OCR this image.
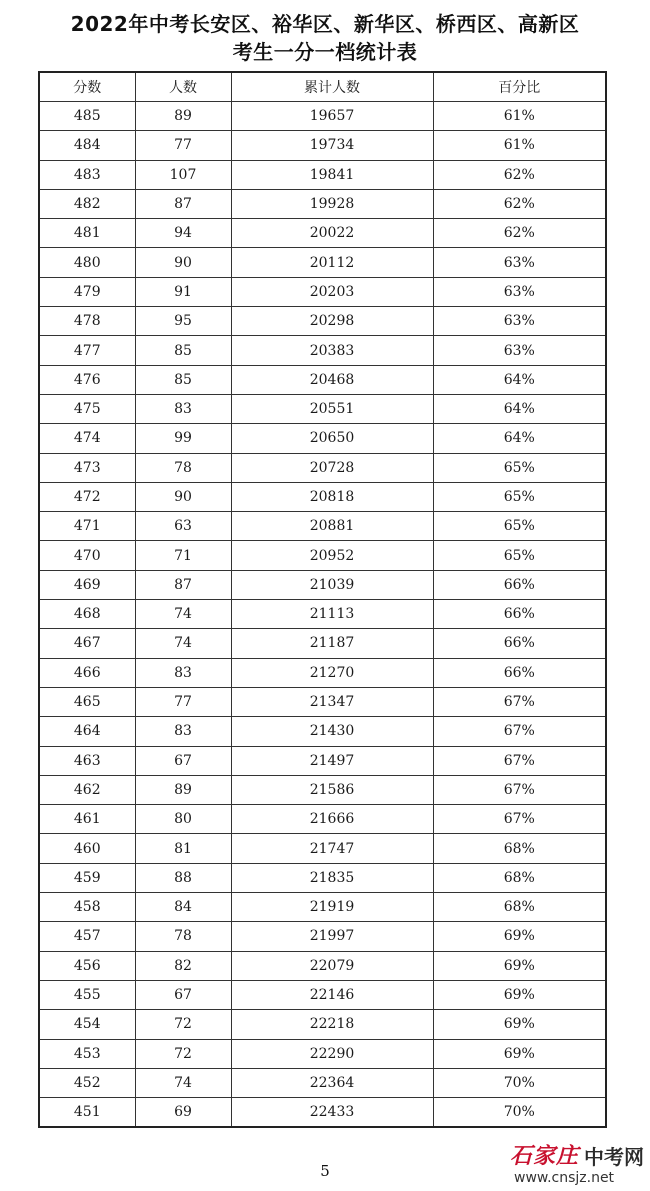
2022年中考长安区、裕华区、新华区、桥西区、高新区
考生一分一档统计表
分数	人数	累计人数	百分比
485	89	19657	61%
484	77	19734	61%
483	107	19841	62%
482	87	19928	62%
481	94	20022	62%
480	90	20112	63%
479	91	20203	63%
478	95	20298	63%
477	85	20383	63%
476	85	20468	64%
475	83	20551	64%
474	99	20650	64%
473	78	20728	65%
472	90	20818	65%
471	63	20881	65%
470	71	20952	65%
469	87	21039	66%
468	74	21113	66%
467	74	21187	66%
466	83	21270	66%
465	77	21347	67%
464	83	21430	67%
463	67	21497	67%
462	89	21586	67%
461	80	21666	67%
460	81	21747	68%
459	88	21835	68%
458	84	21919	68%
457	78	21997	69%
456	82	22079	69%
455	67	22146	69%
454	72	22218	69%
453	72	22290	69%
452	74	22364	70%
451	69	22433	70%
5
石家庄 中考网
www.cnsjz.net
